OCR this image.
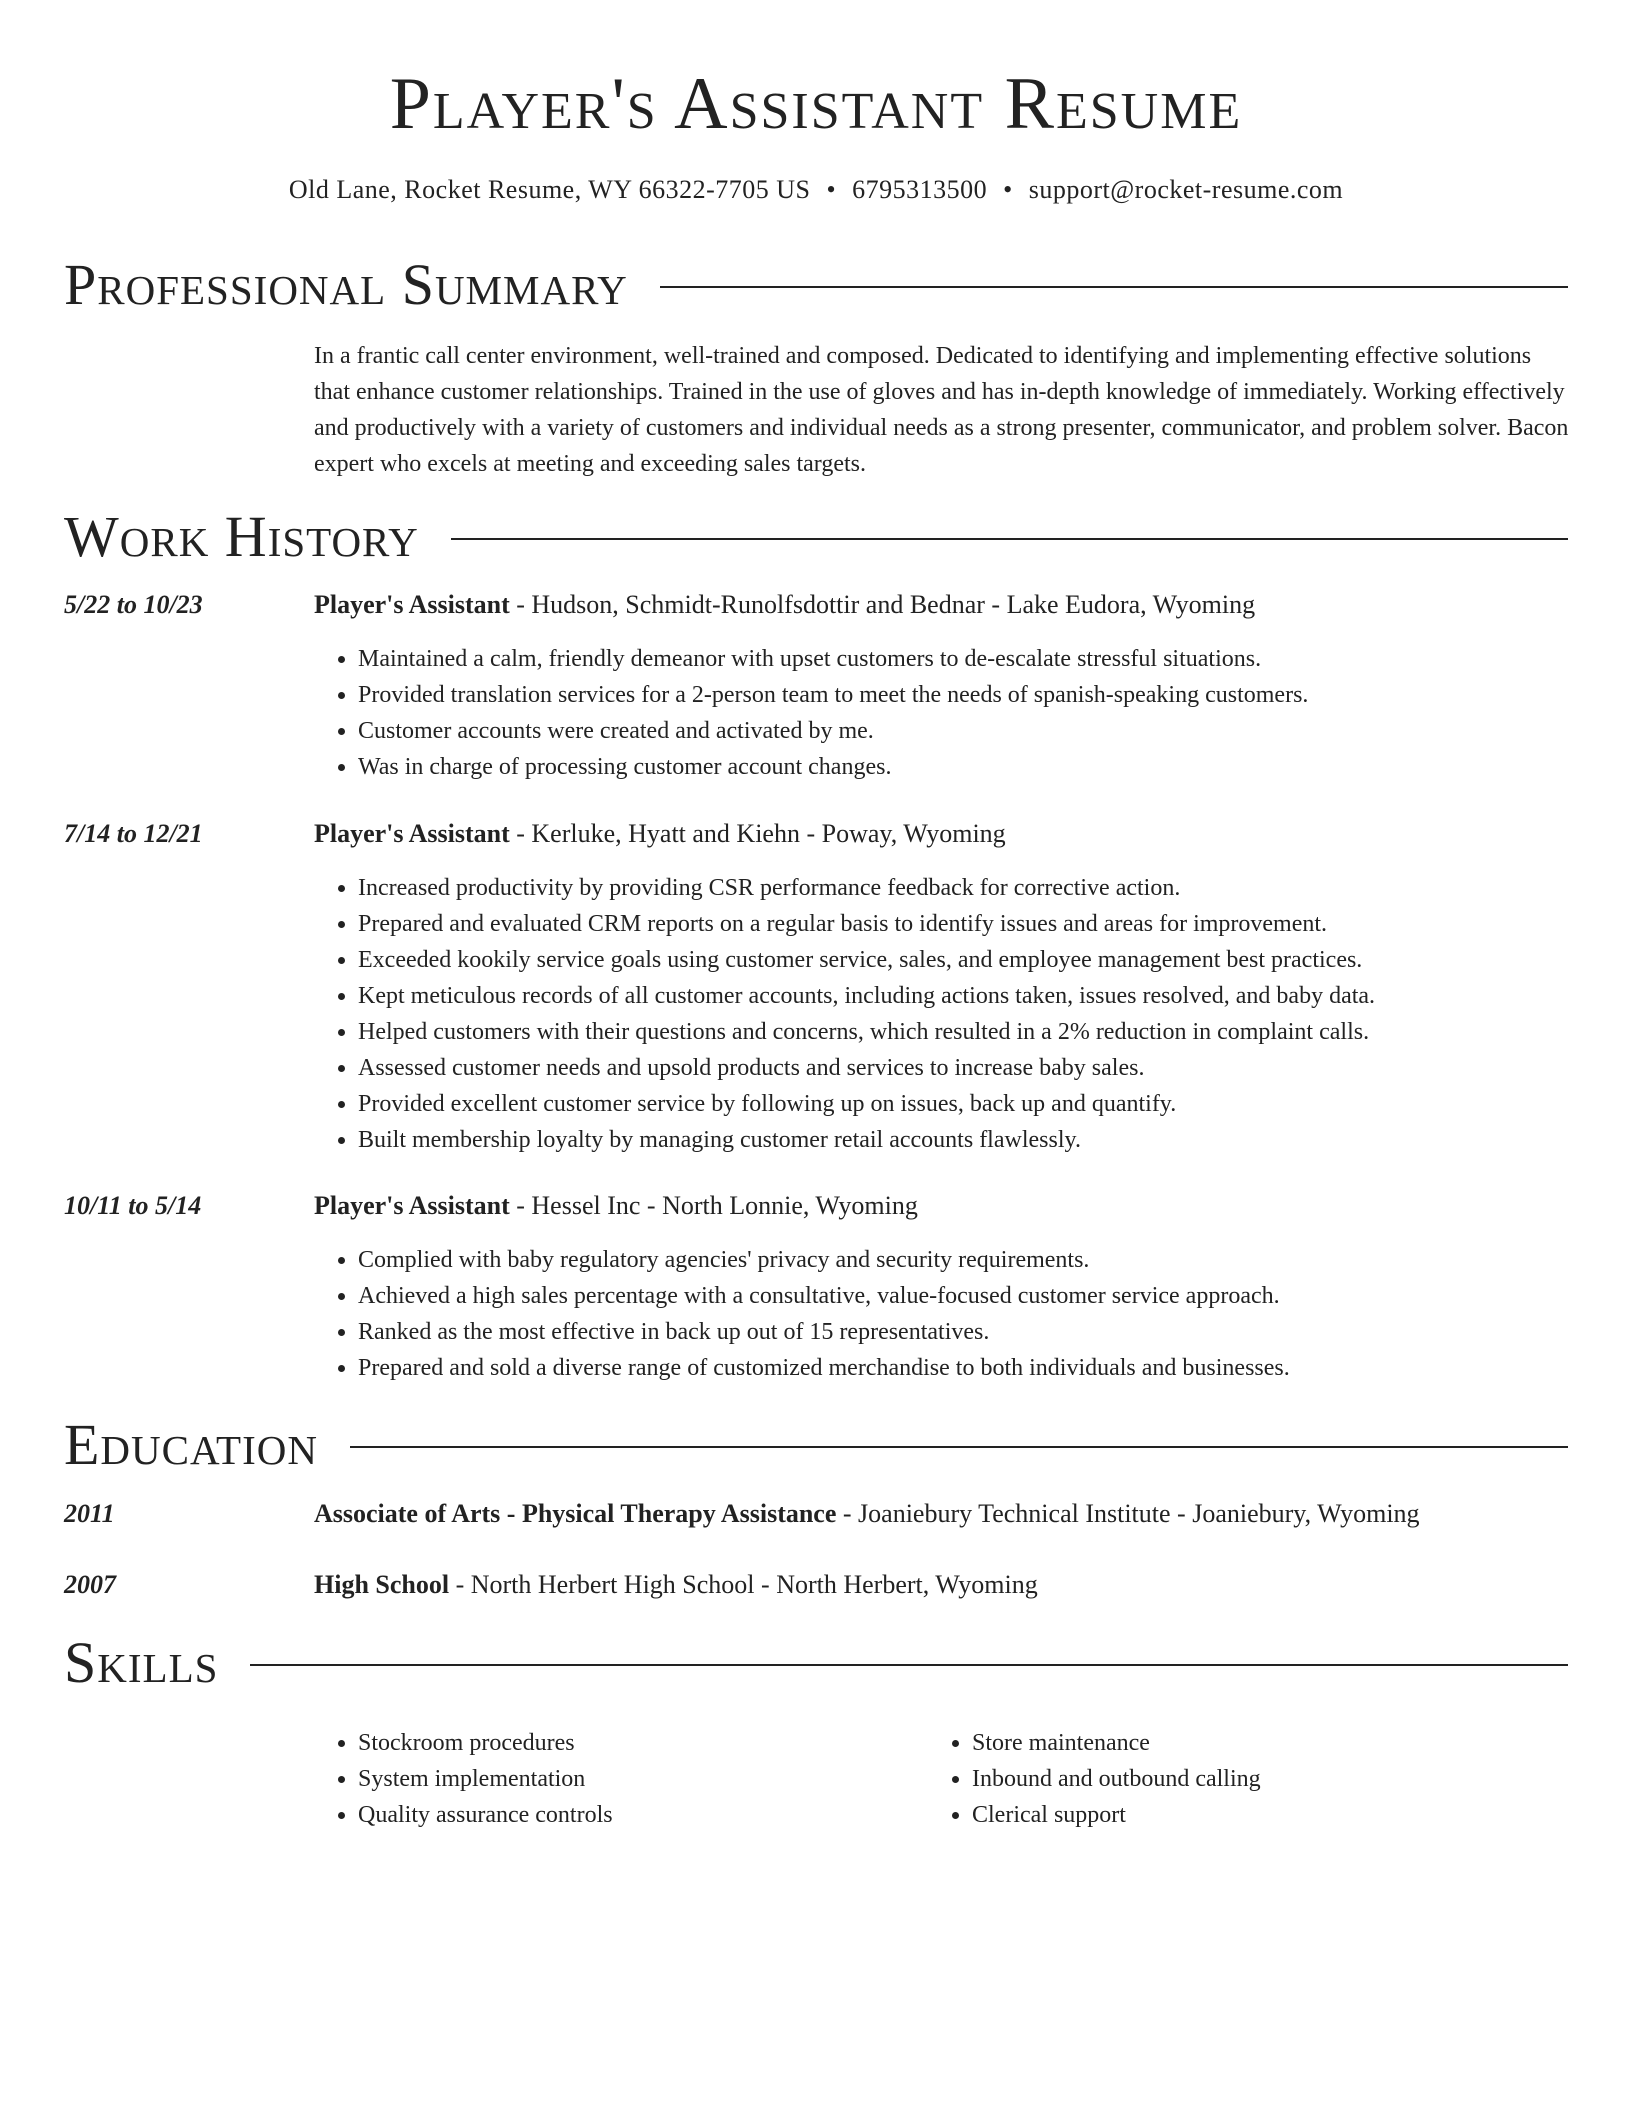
Player's Assistant Resume
Old Lane, Rocket Resume, WY 66322-7705 US • 6795313500 • support@rocket-resume.com
Professional Summary

In a frantic call center environment, well-trained and composed. Dedicated to identifying and implementing effective solutions that enhance customer relationships. Trained in the use of gloves and has in-depth knowledge of immediately. Working effectively and productively with a variety of customers and individual needs as a strong presenter, communicator, and problem solver. Bacon expert who excels at meeting and exceeding sales targets.

Work History
5/22 to 10/23	Player's Assistant - Hudson, Schmidt-Runolfsdottir and Bednar - Lake Eudora, Wyoming
• Maintained a calm, friendly demeanor with upset customers to de-escalate stressful situations.
• Provided translation services for a 2-person team to meet the needs of spanish-speaking customers.
• Customer accounts were created and activated by me.
• Was in charge of processing customer account changes.
7/14 to 12/21	Player's Assistant - Kerluke, Hyatt and Kiehn - Poway, Wyoming
• Increased productivity by providing CSR performance feedback for corrective action.
• Prepared and evaluated CRM reports on a regular basis to identify issues and areas for improvement.
• Exceeded kookily service goals using customer service, sales, and employee management best practices.
• Kept meticulous records of all customer accounts, including actions taken, issues resolved, and baby data.
• Helped customers with their questions and concerns, which resulted in a 2% reduction in complaint calls.
• Assessed customer needs and upsold products and services to increase baby sales.
• Provided excellent customer service by following up on issues, back up and quantify.
• Built membership loyalty by managing customer retail accounts flawlessly.
10/11 to 5/14	Player's Assistant - Hessel Inc - North Lonnie, Wyoming
• Complied with baby regulatory agencies' privacy and security requirements.
• Achieved a high sales percentage with a consultative, value-focused customer service approach.
• Ranked as the most effective in back up out of 15 representatives.
• Prepared and sold a diverse range of customized merchandise to both individuals and businesses.
Education
2011	Associate of Arts - Physical Therapy Assistance - Joaniebury Technical Institute - Joaniebury, Wyoming
2007	High School - North Herbert High School - North Herbert, Wyoming
Skills
• Stockroom procedures
• System implementation
• Quality assurance controls
• Store maintenance
• Inbound and outbound calling
• Clerical support
